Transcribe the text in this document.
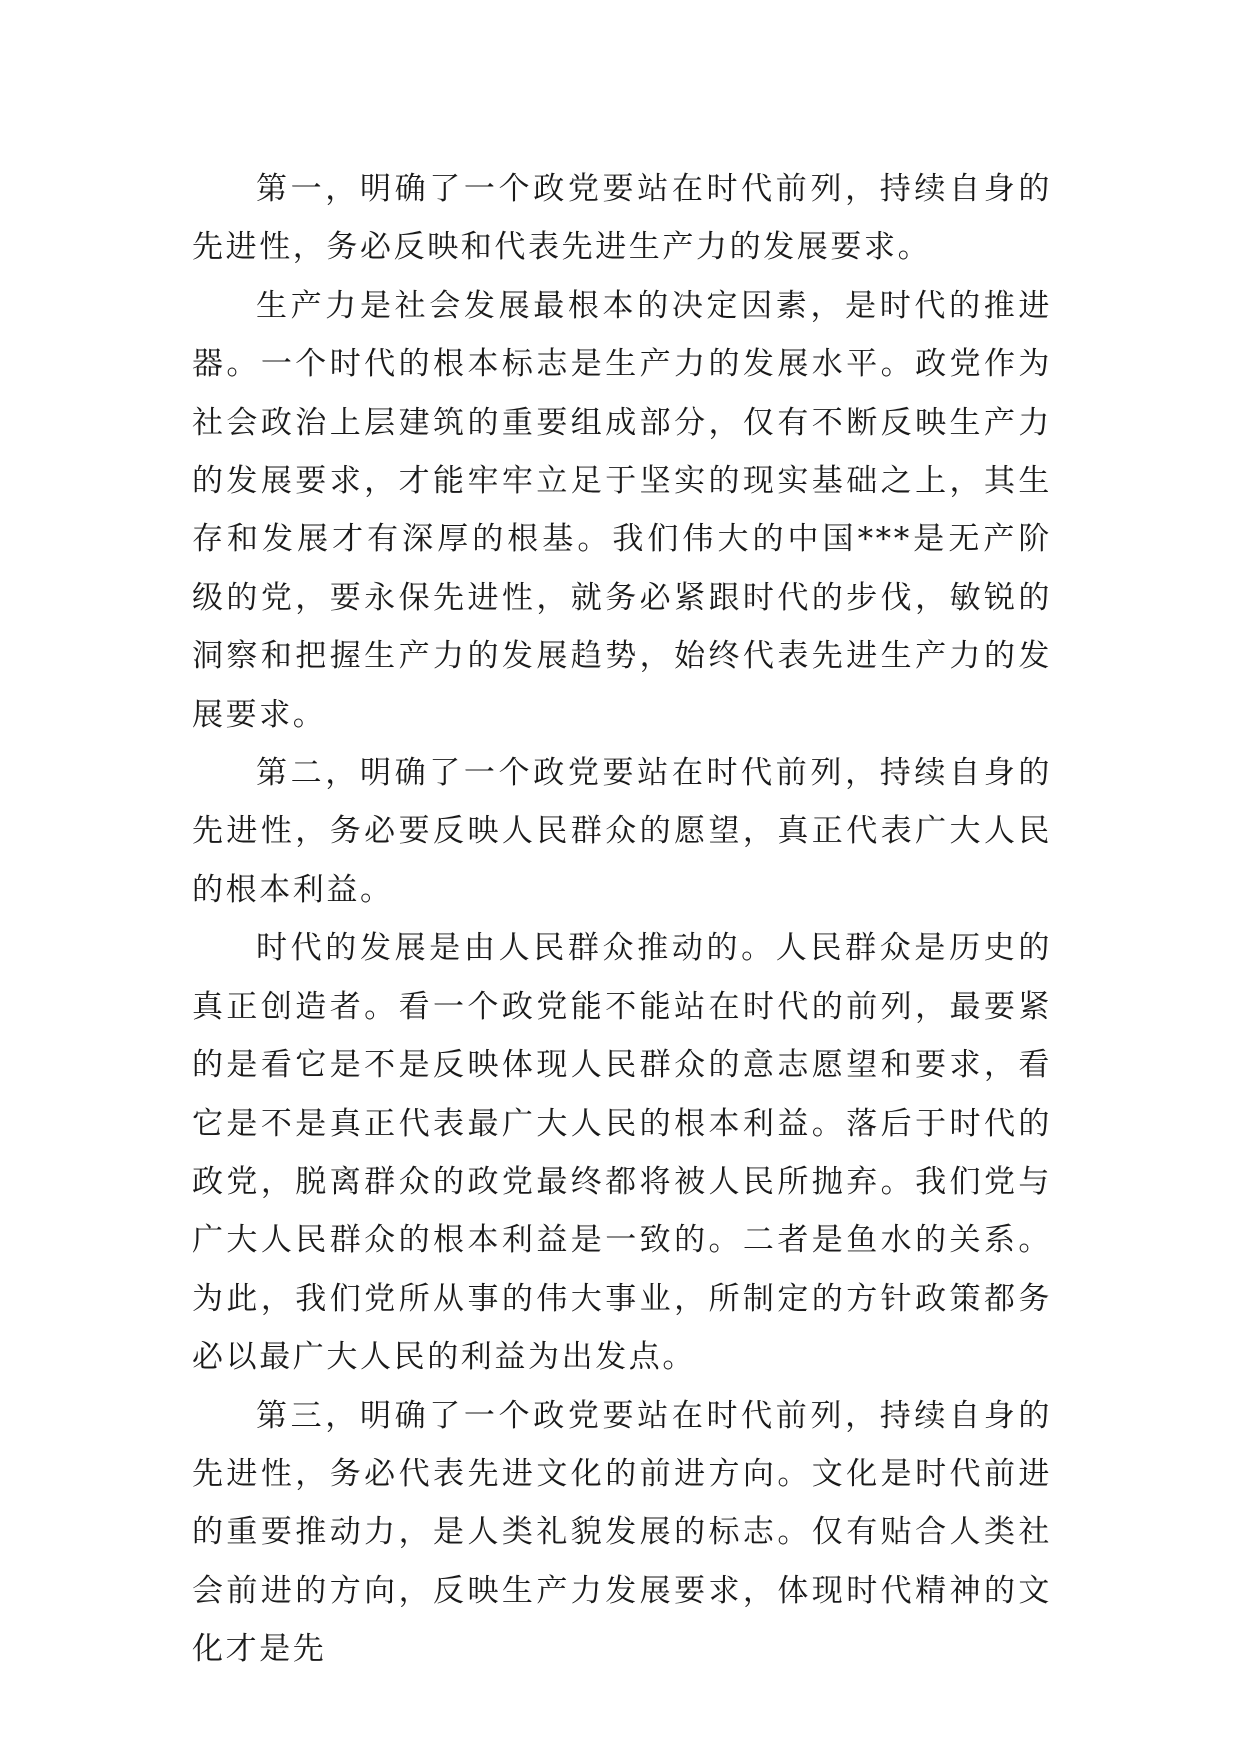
第一，明确了一个政党要站在时代前列，持续自身的先进性，务必反映和代表先进生产力的发展要求。

生产力是社会发展最根本的决定因素，是时代的推进器。一个时代的根本标志是生产力的发展水平。政党作为社会政治上层建筑的重要组成部分，仅有不断反映生产力的发展要求，才能牢牢立足于坚实的现实基础之上，其生存和发展才有深厚的根基。我们伟大的中国***是无产阶级的党，要永保先进性，就务必紧跟时代的步伐，敏锐的洞察和把握生产力的发展趋势，始终代表先进生产力的发展要求。

第二，明确了一个政党要站在时代前列，持续自身的先进性，务必要反映人民群众的愿望，真正代表广大人民的根本利益。

时代的发展是由人民群众推动的。人民群众是历史的真正创造者。看一个政党能不能站在时代的前列，最要紧的是看它是不是反映体现人民群众的意志愿望和要求，看它是不是真正代表最广大人民的根本利益。落后于时代的政党，脱离群众的政党最终都将被人民所抛弃。我们党与广大人民群众的根本利益是一致的。二者是鱼水的关系。为此，我们党所从事的伟大事业，所制定的方针政策都务必以最广大人民的利益为出发点。

第三，明确了一个政党要站在时代前列，持续自身的先进性，务必代表先进文化的前进方向。文化是时代前进的重要推动力，是人类礼貌发展的标志。仅有贴合人类社会前进的方向，反映生产力发展要求，体现时代精神的文化才是先
